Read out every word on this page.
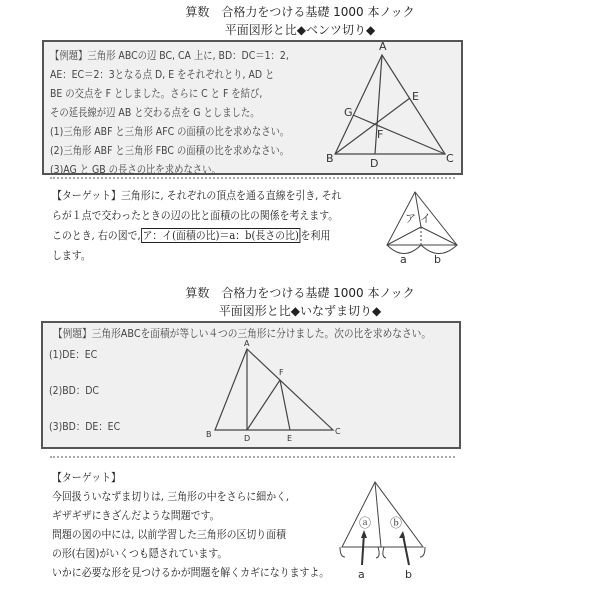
算数　合格力をつける基礎 1000 本ノック
平面図形と比◆ベンツ切り◆
【例題】三角形 ABCの辺 BC, CA 上に, BD：DC＝1：2,
AE：EC＝2：3となる点 D, E をそれぞれとり, AD と
BE の交点を F としました。さらに C と F を結び,
その延長線が辺 AB と交わる点を G としました。
(1)三角形 ABF と三角形 AFC の面積の比を求めなさい。
(2)三角形 ABF と三角形 FBC の面積の比を求めなさい。
(3)AG と GB の長さの比を求めなさい。
A
B	C
D
E
G
F
【ターゲット】三角形に, それぞれの頂点を通る直線を引き, それ
らが１点で交わったときの辺の比と面積の比の関係を考えます。
このとき, 右の図で, ア：イ(面積の比)＝a：b(長さの比) を利用
します。
ア イ
a b
算数　合格力をつける基礎 1000 本ノック
平面図形と比◆いなずま切り◆
【例題】三角形ABCを面積が等しい４つの三角形に分けました。次の比を求めなさい。
(1)DE：EC
(2)BD：DC
(3)BD：DE：EC
A
B	C
D	E
F
【ターゲット】
今回扱ういなずま切りは, 三角形の中をさらに細かく,
ギザギザにきざんだような問題です。
問題の図の中には, 以前学習した三角形の区切り面積
の形(右図)がいくつも隠されています。
いかに必要な形を見つけるかが問題を解くカギになりますよ。
ⓐ ⓑ
a	b
